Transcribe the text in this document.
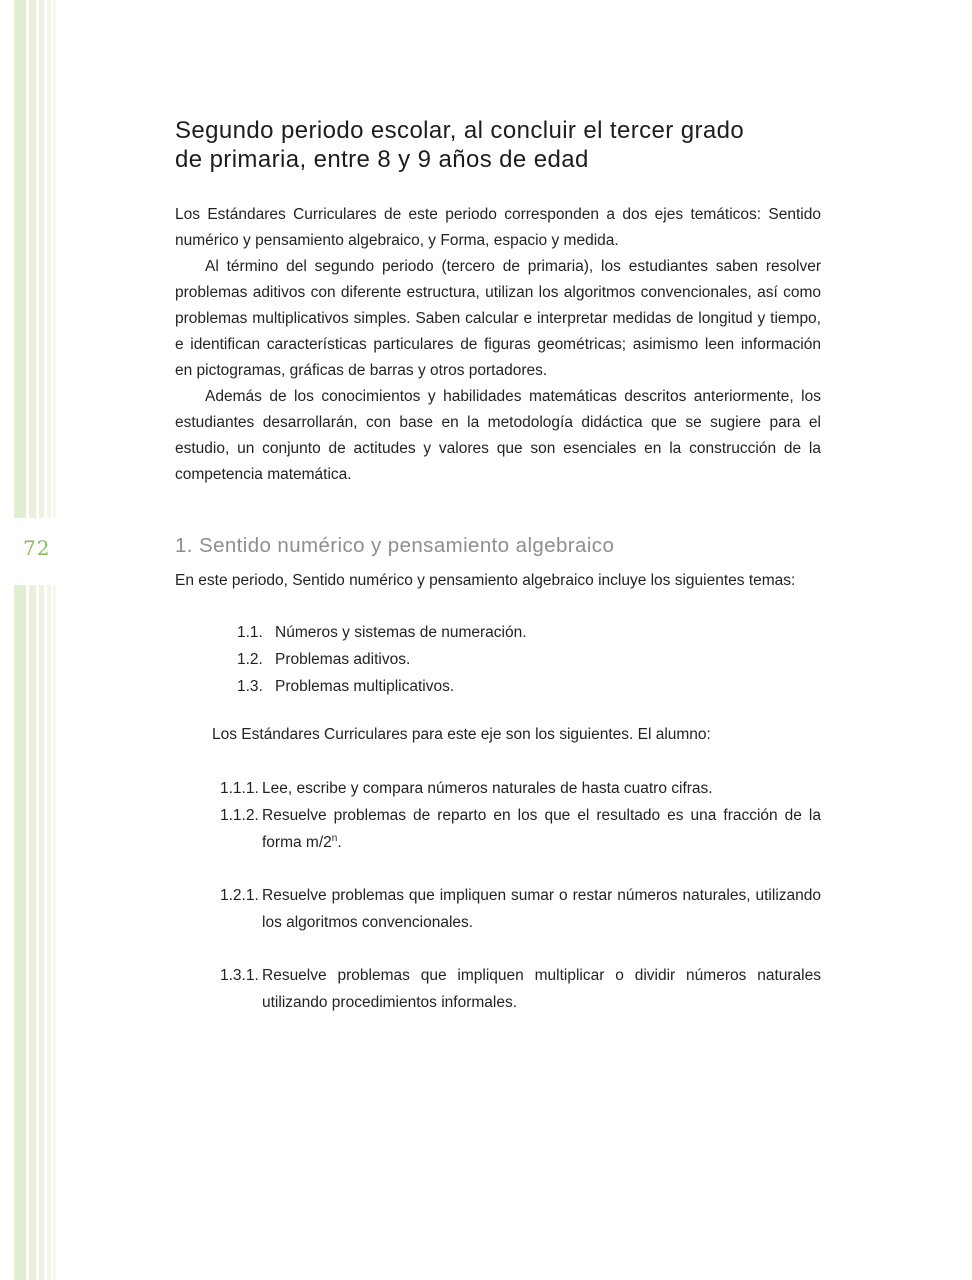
72
Segundo periodo escolar, al concluir el tercer grado
de primaria, entre 8 y 9 años de edad

Los Estándares Curriculares de este periodo corresponden a dos ejes temáticos: Sentido numérico y pensamiento algebraico, y Forma, espacio y medida.

Al término del segundo periodo (tercero de primaria), los estudiantes saben resolver problemas aditivos con diferente estructura, utilizan los algoritmos convencionales, así como problemas multiplicativos simples. Saben calcular e interpretar medidas de longitud y tiempo, e identifican características particulares de figuras geométricas; asimismo leen información en pictogramas, gráficas de barras y otros portadores.

Además de los conocimientos y habilidades matemáticas descritos anteriormente, los estudiantes desarrollarán, con base en la metodología didáctica que se sugiere para el estudio, un conjunto de actitudes y valores que son esenciales en la construcción de la competencia matemática.

1. Sentido numérico y pensamiento algebraico

En este periodo, Sentido numérico y pensamiento algebraico incluye los siguientes temas:

1.1. Números y sistemas de numeración.
1.2. Problemas aditivos.
1.3. Problemas multiplicativos.

Los Estándares Curriculares para este eje son los siguientes. El alumno:

1.1.1. Lee, escribe y compara números naturales de hasta cuatro cifras.
1.1.2. Resuelve problemas de reparto en los que el resultado es una fracción de la forma m/2$^n$.
1.2.1. Resuelve problemas que impliquen sumar o restar números naturales, utilizando los algoritmos convencionales.
1.3.1. Resuelve problemas que impliquen multiplicar o dividir números naturales utilizando procedimientos informales.
